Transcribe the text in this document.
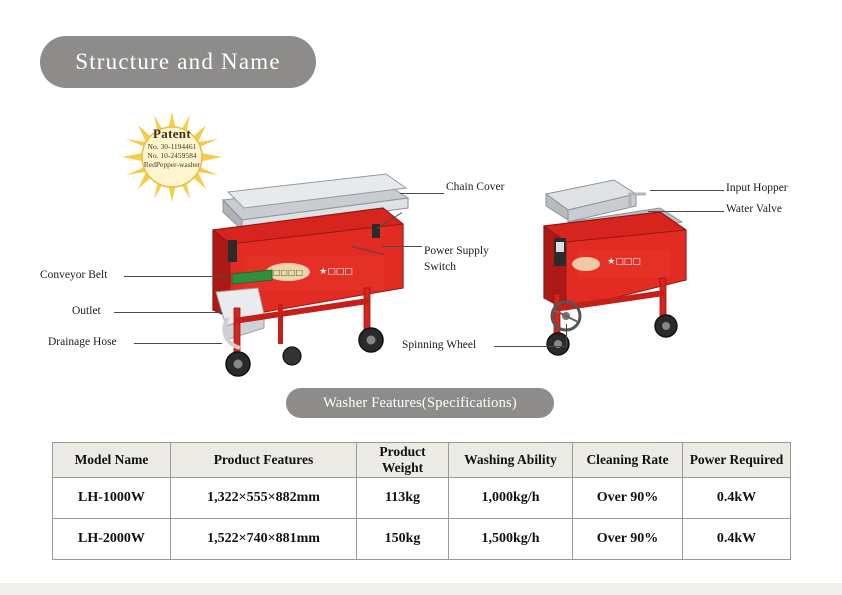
Structure and Name
□□□□ ★□□□
★□□□
Patent
No. 30-1194461
No. 10-2459584
RedPepper-washer
Chain Cover
Power Supply
Switch
Conveyor Belt
Outlet
Drainage Hose
Input Hopper
Water Valve
Spinning Wheel
Washer Features(Specifications)
Model Name	Product Features	Product Weight	Washing Ability	Cleaning Rate	Power Required
LH-1000W	1,322×555×882mm	113kg	1,000kg/h	Over 90%	0.4kW
LH-2000W	1,522×740×881mm	150kg	1,500kg/h	Over 90%	0.4kW
